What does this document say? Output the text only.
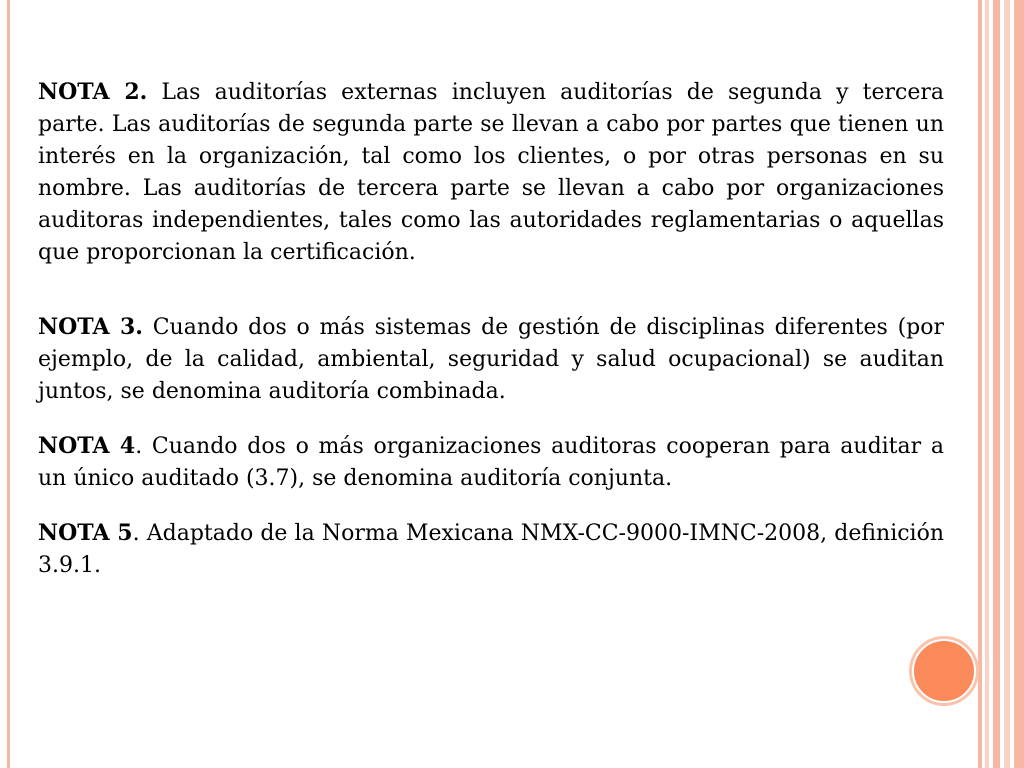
NOTA 2. Las auditorías externas incluyen auditorías de segunda y tercera parte. Las auditorías de segunda parte se llevan a cabo por partes que tienen un interés en la organización, tal como los clientes, o por otras personas en su nombre. Las auditorías de tercera parte se llevan a cabo por organizaciones auditoras independientes, tales como las autoridades reglamentarias o aquellas que proporcionan la certificación.

NOTA 3. Cuando dos o más sistemas de gestión de disciplinas diferentes (por ejemplo, de la calidad, ambiental, seguridad y salud ocupacional) se auditan juntos, se denomina auditoría combinada.

NOTA 4. Cuando dos o más organizaciones auditoras cooperan para auditar a un único auditado (3.7), se denomina auditoría conjunta.

NOTA 5. Adaptado de la Norma Mexicana NMX-CC-9000-IMNC-2008, definición 3.9.1.
